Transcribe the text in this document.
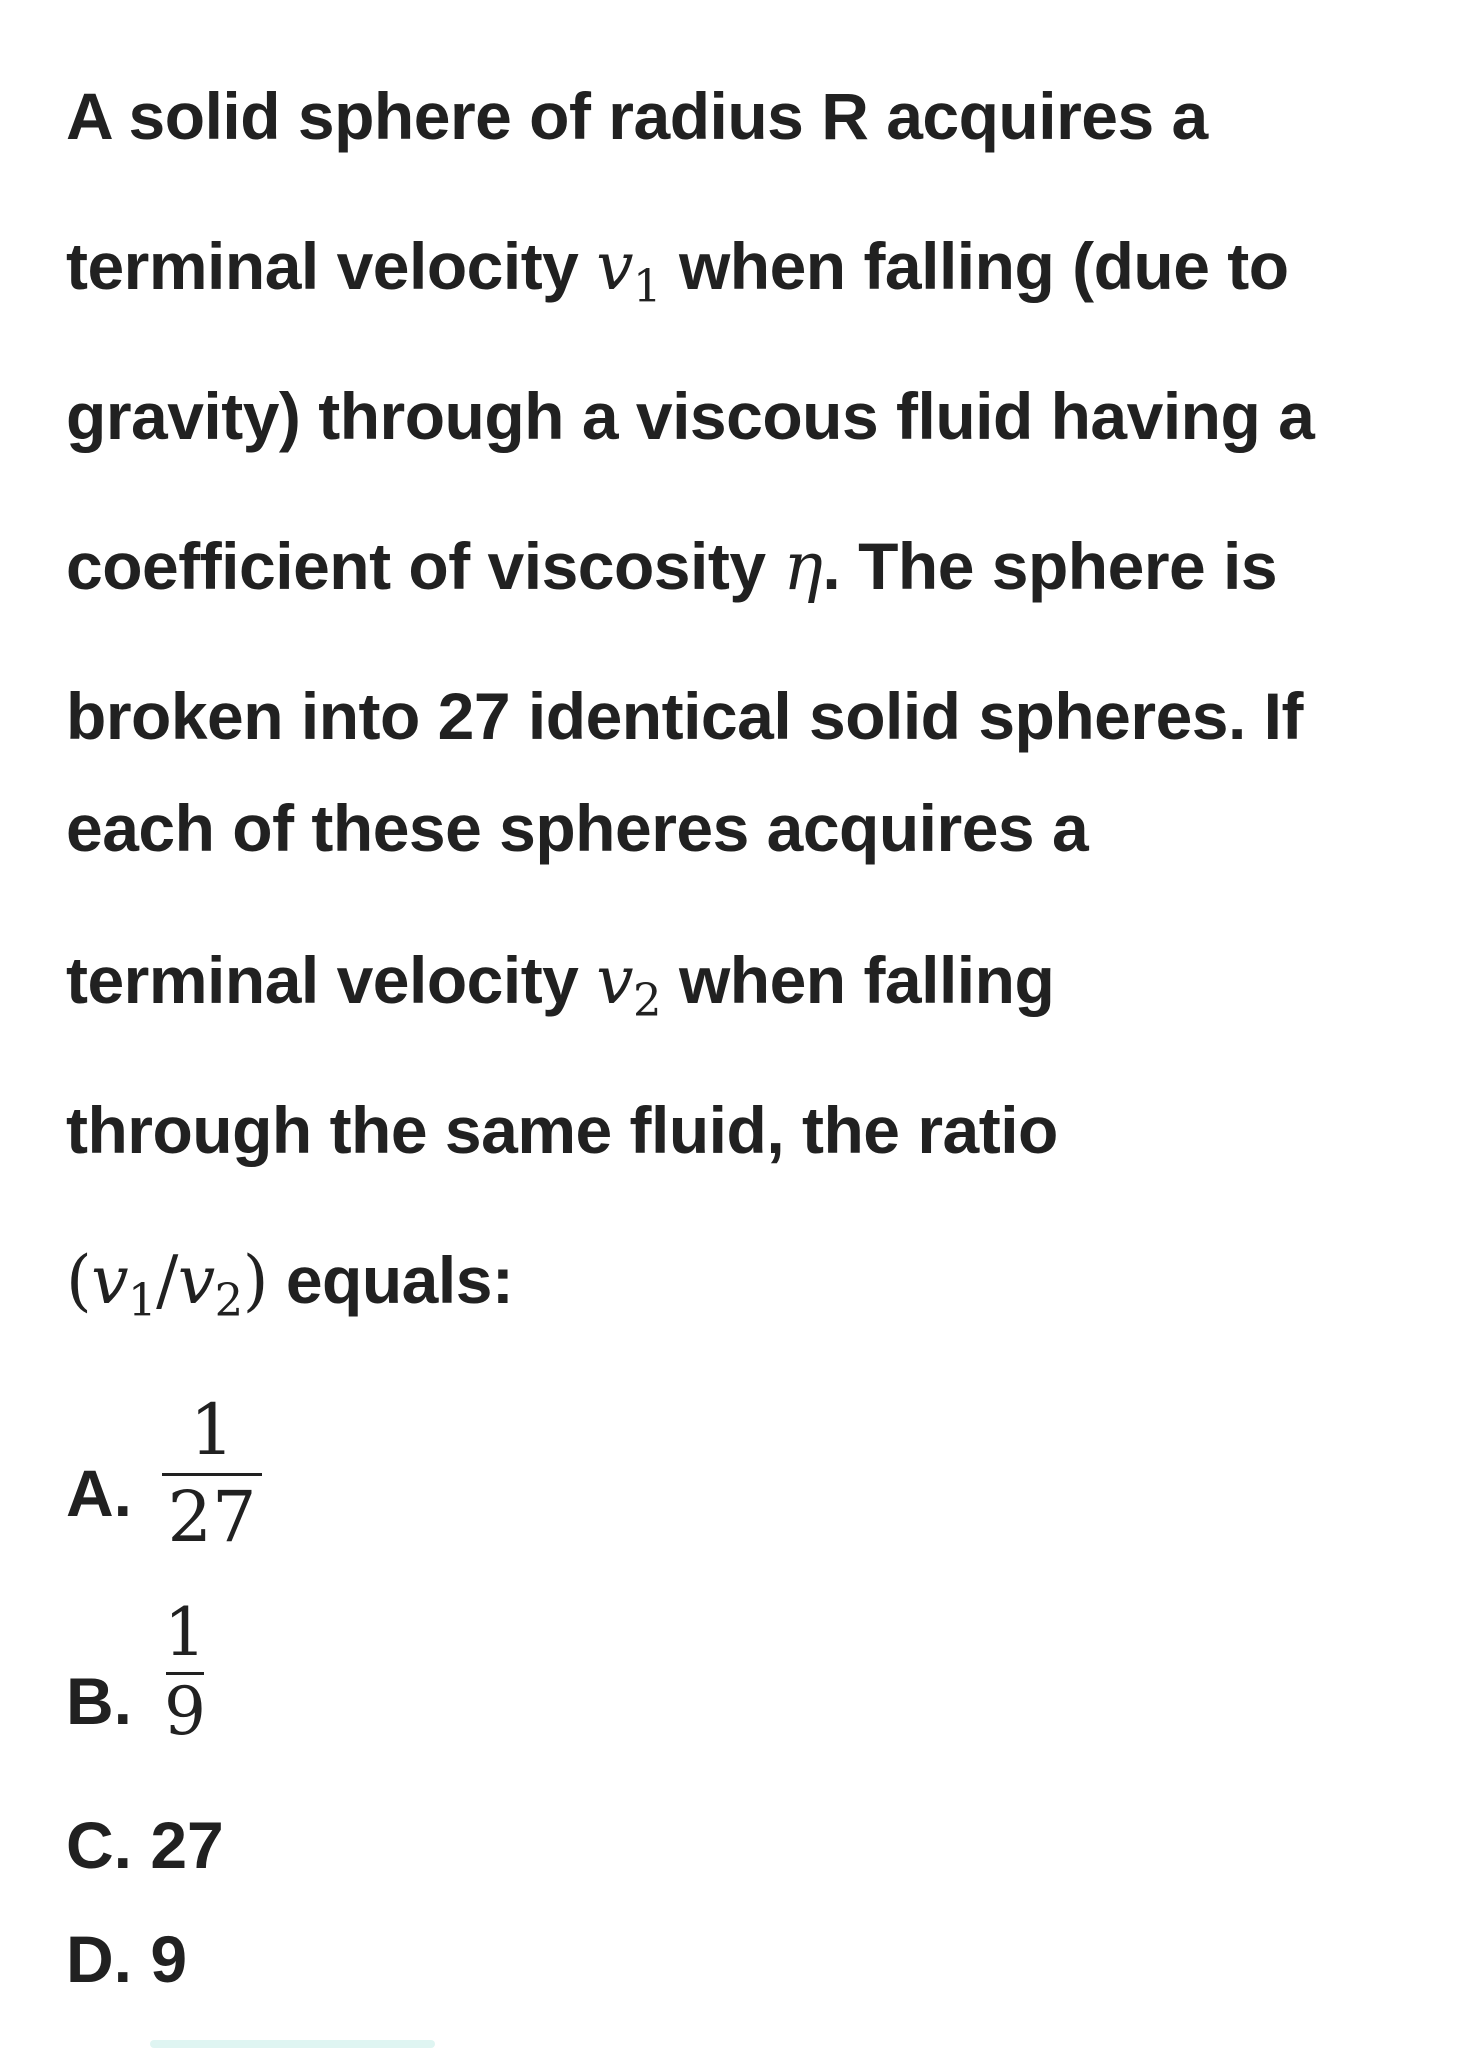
A solid sphere of radius R acquires a
terminal velocity $v_1$ when falling (due to
gravity) through a viscous fluid having a
coefficient of viscosity η. The sphere is
broken into 27 identical solid spheres. If
each of these spheres acquires a
terminal velocity $v_2$ when falling
through the same fluid, the ratio
$(v_1/v_2)$ equals:
A.
1
27
B.
1
9
C. 27
D. 9
